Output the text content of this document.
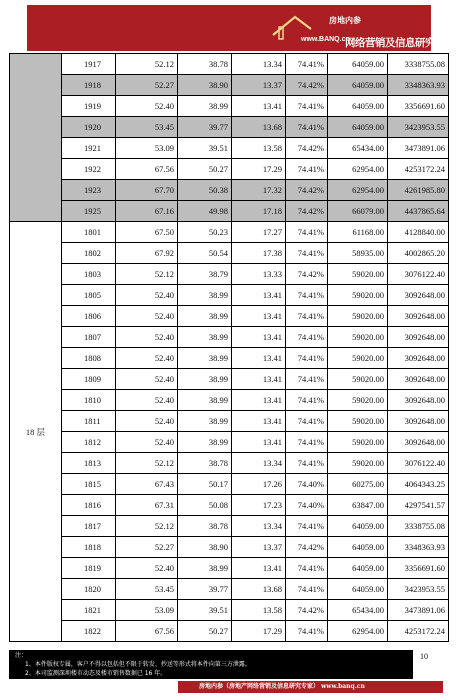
房地内参
www.BANQ.cn
网络营销及信息研究专家
	1917	52.12	38.78	13.34	74.41%	64059.00	3338755.08
	1918	52.27	38.90	13.37	74.42%	64059.00	3348363.93
	1919	52.40	38.99	13.41	74.41%	64059.00	3356691.60
	1920	53.45	39.77	13.68	74.41%	64059.00	3423953.55
	1921	53.09	39.51	13.58	74.42%	65434.00	3473891.06
	1922	67.56	50.27	17.29	74.41%	62954.00	4253172.24
	1923	67.70	50.38	17.32	74.42%	62954.00	4261985.80
	1925	67.16	49.98	17.18	74.42%	66079.00	4437865.64
18 层	1801	67.50	50.23	17.27	74.41%	61168.00	4128840.00
	1802	67.92	50.54	17.38	74.41%	58935.00	4002865.20
	1803	52.12	38.79	13.33	74.42%	59020.00	3076122.40
	1805	52.40	38.99	13.41	74.41%	59020.00	3092648.00
	1806	52.40	38.99	13.41	74.41%	59020.00	3092648.00
	1807	52.40	38.99	13.41	74.41%	59020.00	3092648.00
	1808	52.40	38.99	13.41	74.41%	59020.00	3092648.00
	1809	52.40	38.99	13.41	74.41%	59020.00	3092648.00
	1810	52.40	38.99	13.41	74.41%	59020.00	3092648.00
	1811	52.40	38.99	13.41	74.41%	59020.00	3092648.00
	1812	52.40	38.99	13.41	74.41%	59020.00	3092648.00
	1813	52.12	38.78	13.34	74.41%	59020.00	3076122.40
	1815	67.43	50.17	17.26	74.40%	60275.00	4064343.25
	1816	67.31	50.08	17.23	74.40%	63847.00	4297541.57
	1817	52.12	38.78	13.34	74.41%	64059.00	3338755.08
	1818	52.27	38.90	13.37	74.42%	64059.00	3348363.93
	1819	52.40	38.99	13.41	74.41%	64059.00	3356691.60
	1820	53.45	39.77	13.68	74.41%	64059.00	3423953.55
	1821	53.09	39.51	13.58	74.42%	65434.00	3473891.06
	1822	67.56	50.27	17.29	74.41%	62954.00	4253172.24
注：
1、本件版权专属，客户不得以包括但不限于转发、抄送等形式将本件向第三方泄露。
2、本司监测深圳楼市动态及楼市销售数据已 16 年。
10
房地内参（房地产网络营销及信息研究专家） www.banq.cn
